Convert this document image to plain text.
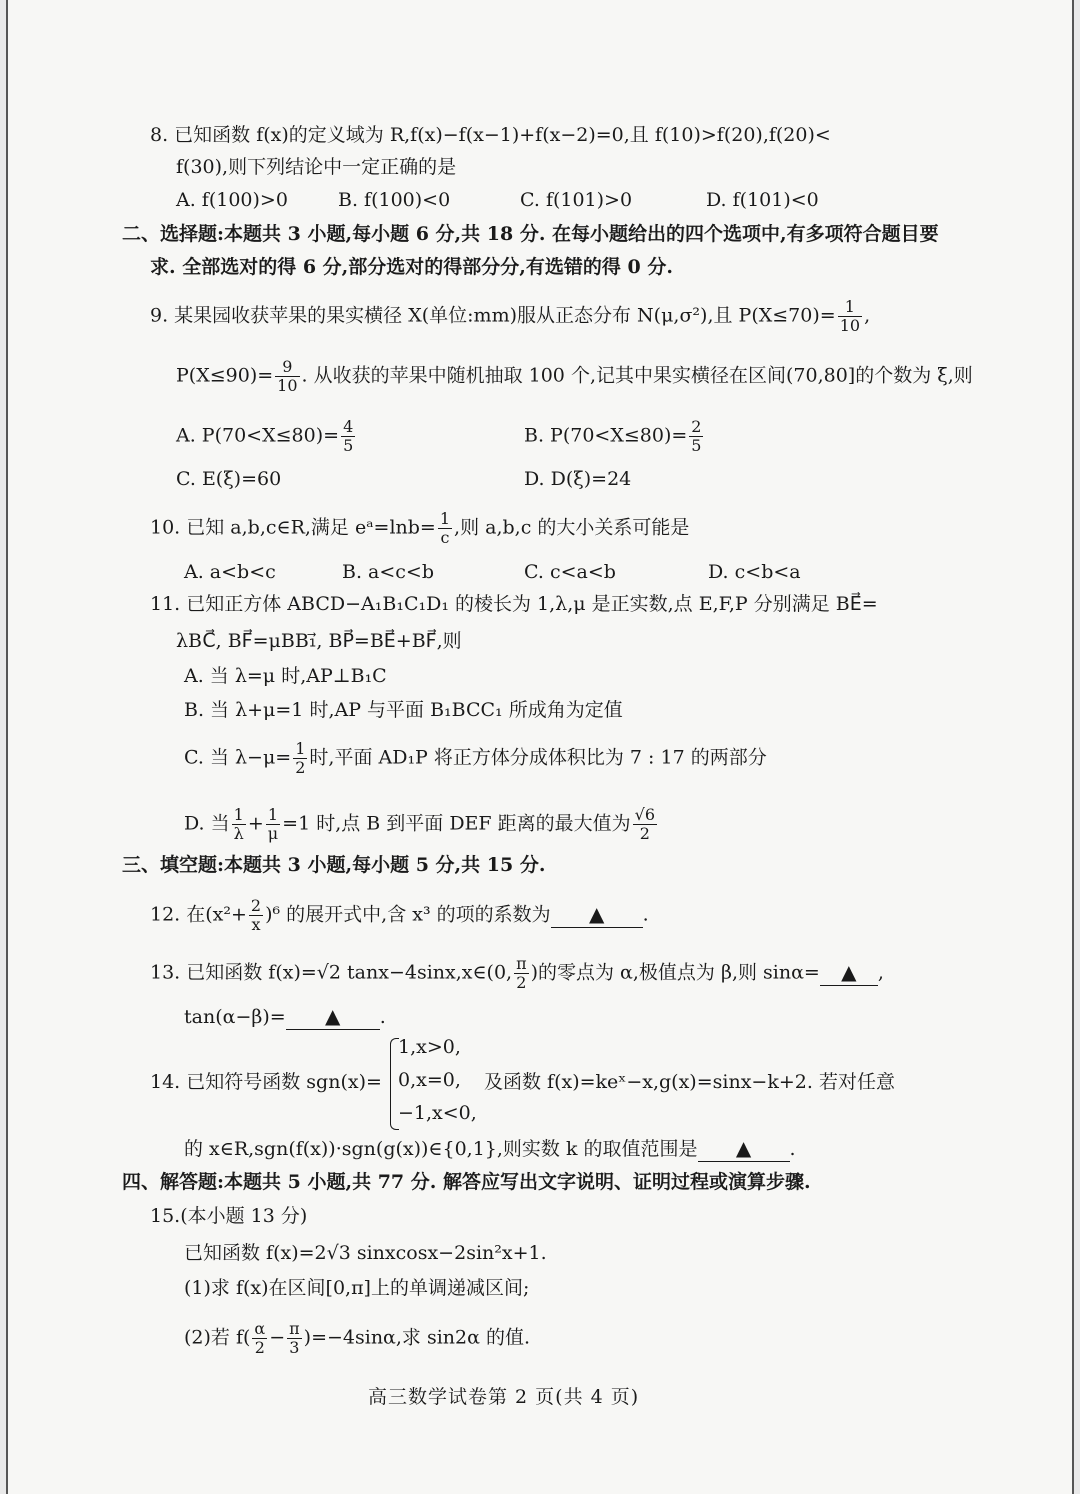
8. 已知函数 f(x)的定义域为 R,f(x)−f(x−1)+f(x−2)=0,且 f(10)>f(20),f(20)<
f(30),则下列结论中一定正确的是
A. f(100)>0	B. f(100)<0	C. f(101)>0	D. f(101)<0
二、选择题:本题共 3 小题,每小题 6 分,共 18 分. 在每小题给出的四个选项中,有多项符合题目要
求. 全部选对的得 6 分,部分选对的得部分分,有选错的得 0 分.
9. 某果园收获苹果的果实横径 X(单位:mm)服从正态分布 N(μ,σ²),且 $P(X\le 70)= \frac{1}{10}$ ,
$P(X\le 90)= \frac{9}{10}$ . 从收获的苹果中随机抽取 100 个,记其中果实横径在区间(70,80]的个数为 ξ,则
A. $P(70<X\le 80)= \frac{4}{5}$	B. $P(70<X\le 80)= \frac{2}{5}$
C. E(ξ)=60	D. D(ξ)=24
10. 已知 a,b,c∈R,满足 eᵃ=lnb= $\frac{1}{c}$ ,则 a,b,c 的大小关系可能是
A. a<b<c	B. a<c<b	C. c<a<b	D. c<b<a
11. 已知正方体 ABCD−A₁B₁C₁D₁ 的棱长为 1,λ,μ 是正实数,点 E,F,P 分别满足 BE⃗=
λBC⃗, BF⃗=μBB₁⃗, BP⃗=BE⃗+BF⃗,则
A. 当 λ=μ 时,AP⊥B₁C
B. 当 λ+μ=1 时,AP 与平面 B₁BCC₁ 所成角为定值
C. 当 $\lambda-\mu= \frac{1}{2}$ 时,平面 AD₁P 将正方体分成体积比为 7 : 17 的两部分
D. 当 $\frac{1}{\lambda} + \frac{1}{\mu} =1$ 时,点 B 到平面 DEF 距离的最大值为 $\frac{√6}{2}$
三、填空题:本题共 3 小题,每小题 5 分,共 15 分.
12. 在$(x^2+ \frac{2}{x} )^6$ 的展开式中,含 x³ 的项的系数为 ▲ .
13. 已知函数 f(x)=√2 tanx−4sinx,x∈(0, $\frac{\pi}{2}$ )的零点为 α,极值点为 β,则 sinα= ▲ ,
tan(α−β)= ▲ .
14. 已知符号函数 sgn(x)=
1,x>0,
0,x=0,
−1,x<0,
及函数 f(x)=keˣ−x,g(x)=sinx−k+2. 若对任意
的 x∈R,sgn(f(x))·sgn(g(x))∈{0,1},则实数 k 的取值范围是 ▲ .
四、解答题:本题共 5 小题,共 77 分. 解答应写出文字说明、证明过程或演算步骤.
15.(本小题 13 分)
已知函数 f(x)=2√3 sinxcosx−2sin²x+1.
(1)求 f(x)在区间[0,π]上的单调递减区间;
(2)若 $f( \frac{\alpha}{2} - \frac{\pi}{3} )=-4\sin\alpha$,求 sin2α 的值.
高三数学试卷第 2 页(共 4 页)
